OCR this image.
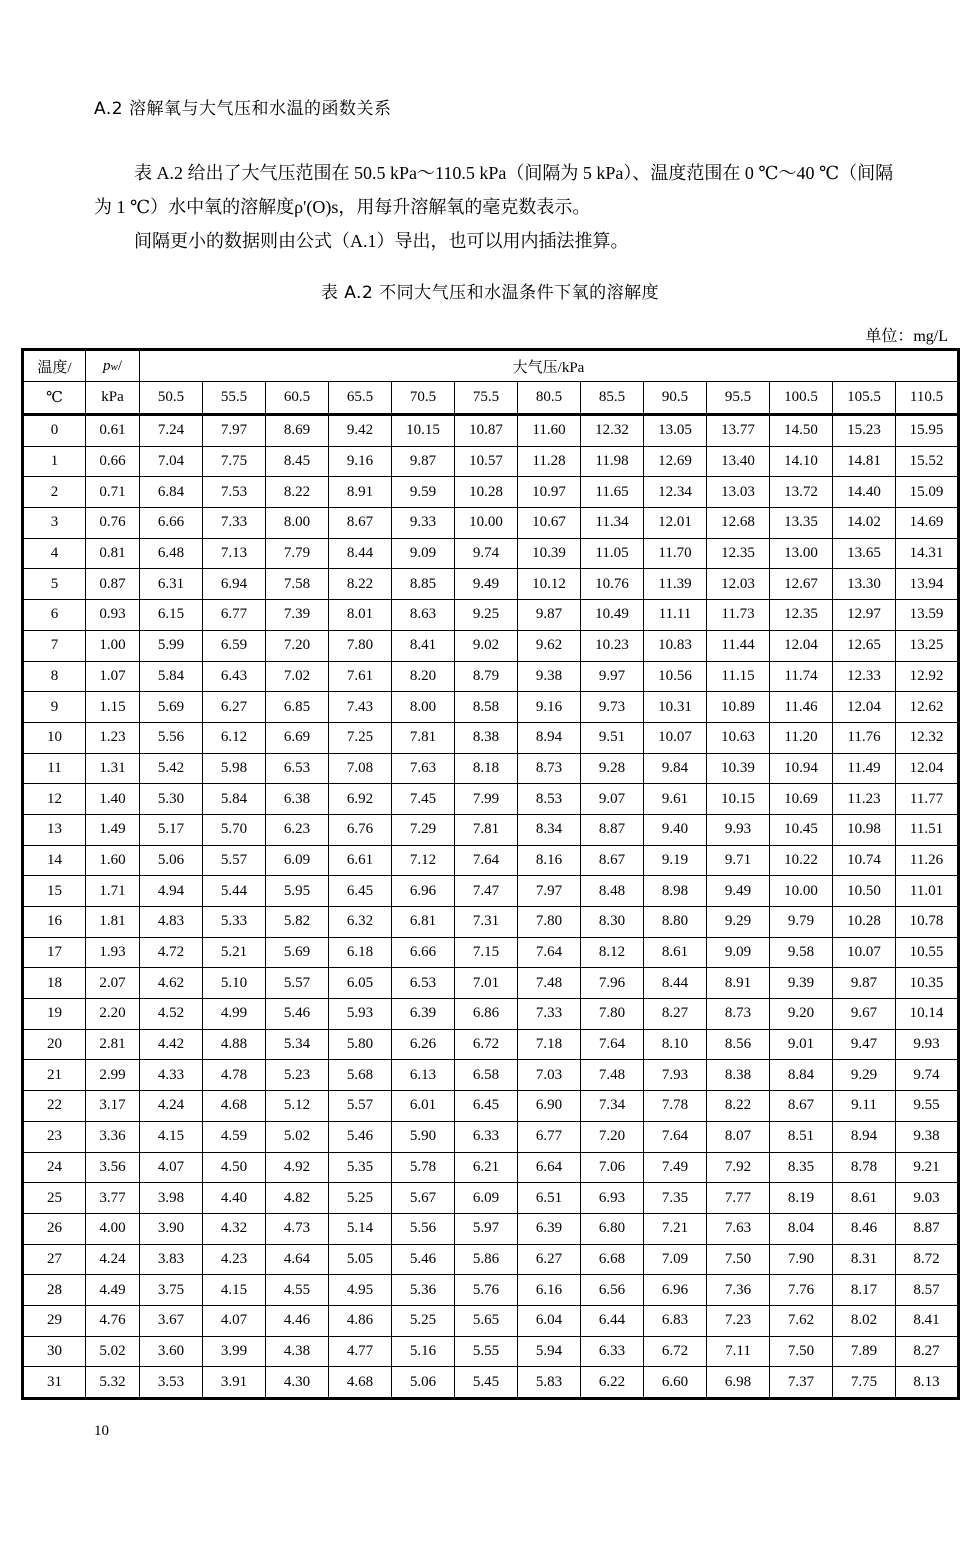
A.2 溶解氧与大气压和水温的函数关系
表 A.2 给出了大气压范围在 50.5 kPa～110.5 kPa（间隔为 5 kPa）、温度范围在 0 ℃～40 ℃（间隔为 1 ℃）水中氧的溶解度ρ'(O)s，用每升溶解氧的毫克数表示。
间隔更小的数据则由公式（A.1）导出，也可以用内插法推算。
表 A.2 不同大气压和水温条件下氧的溶解度
单位：mg/L
温度/	pw/	大气压/kPa												
℃	kPa	50.5	55.5	60.5	65.5	70.5	75.5	80.5	85.5	90.5	95.5	100.5	105.5	110.5
0	0.61	7.24	7.97	8.69	9.42	10.15	10.87	11.60	12.32	13.05	13.77	14.50	15.23	15.95
1	0.66	7.04	7.75	8.45	9.16	9.87	10.57	11.28	11.98	12.69	13.40	14.10	14.81	15.52
2	0.71	6.84	7.53	8.22	8.91	9.59	10.28	10.97	11.65	12.34	13.03	13.72	14.40	15.09
3	0.76	6.66	7.33	8.00	8.67	9.33	10.00	10.67	11.34	12.01	12.68	13.35	14.02	14.69
4	0.81	6.48	7.13	7.79	8.44	9.09	9.74	10.39	11.05	11.70	12.35	13.00	13.65	14.31
5	0.87	6.31	6.94	7.58	8.22	8.85	9.49	10.12	10.76	11.39	12.03	12.67	13.30	13.94
6	0.93	6.15	6.77	7.39	8.01	8.63	9.25	9.87	10.49	11.11	11.73	12.35	12.97	13.59
7	1.00	5.99	6.59	7.20	7.80	8.41	9.02	9.62	10.23	10.83	11.44	12.04	12.65	13.25
8	1.07	5.84	6.43	7.02	7.61	8.20	8.79	9.38	9.97	10.56	11.15	11.74	12.33	12.92
9	1.15	5.69	6.27	6.85	7.43	8.00	8.58	9.16	9.73	10.31	10.89	11.46	12.04	12.62
10	1.23	5.56	6.12	6.69	7.25	7.81	8.38	8.94	9.51	10.07	10.63	11.20	11.76	12.32
11	1.31	5.42	5.98	6.53	7.08	7.63	8.18	8.73	9.28	9.84	10.39	10.94	11.49	12.04
12	1.40	5.30	5.84	6.38	6.92	7.45	7.99	8.53	9.07	9.61	10.15	10.69	11.23	11.77
13	1.49	5.17	5.70	6.23	6.76	7.29	7.81	8.34	8.87	9.40	9.93	10.45	10.98	11.51
14	1.60	5.06	5.57	6.09	6.61	7.12	7.64	8.16	8.67	9.19	9.71	10.22	10.74	11.26
15	1.71	4.94	5.44	5.95	6.45	6.96	7.47	7.97	8.48	8.98	9.49	10.00	10.50	11.01
16	1.81	4.83	5.33	5.82	6.32	6.81	7.31	7.80	8.30	8.80	9.29	9.79	10.28	10.78
17	1.93	4.72	5.21	5.69	6.18	6.66	7.15	7.64	8.12	8.61	9.09	9.58	10.07	10.55
18	2.07	4.62	5.10	5.57	6.05	6.53	7.01	7.48	7.96	8.44	8.91	9.39	9.87	10.35
19	2.20	4.52	4.99	5.46	5.93	6.39	6.86	7.33	7.80	8.27	8.73	9.20	9.67	10.14
20	2.81	4.42	4.88	5.34	5.80	6.26	6.72	7.18	7.64	8.10	8.56	9.01	9.47	9.93
21	2.99	4.33	4.78	5.23	5.68	6.13	6.58	7.03	7.48	7.93	8.38	8.84	9.29	9.74
22	3.17	4.24	4.68	5.12	5.57	6.01	6.45	6.90	7.34	7.78	8.22	8.67	9.11	9.55
23	3.36	4.15	4.59	5.02	5.46	5.90	6.33	6.77	7.20	7.64	8.07	8.51	8.94	9.38
24	3.56	4.07	4.50	4.92	5.35	5.78	6.21	6.64	7.06	7.49	7.92	8.35	8.78	9.21
25	3.77	3.98	4.40	4.82	5.25	5.67	6.09	6.51	6.93	7.35	7.77	8.19	8.61	9.03
26	4.00	3.90	4.32	4.73	5.14	5.56	5.97	6.39	6.80	7.21	7.63	8.04	8.46	8.87
27	4.24	3.83	4.23	4.64	5.05	5.46	5.86	6.27	6.68	7.09	7.50	7.90	8.31	8.72
28	4.49	3.75	4.15	4.55	4.95	5.36	5.76	6.16	6.56	6.96	7.36	7.76	8.17	8.57
29	4.76	3.67	4.07	4.46	4.86	5.25	5.65	6.04	6.44	6.83	7.23	7.62	8.02	8.41
30	5.02	3.60	3.99	4.38	4.77	5.16	5.55	5.94	6.33	6.72	7.11	7.50	7.89	8.27
31	5.32	3.53	3.91	4.30	4.68	5.06	5.45	5.83	6.22	6.60	6.98	7.37	7.75	8.13
10
